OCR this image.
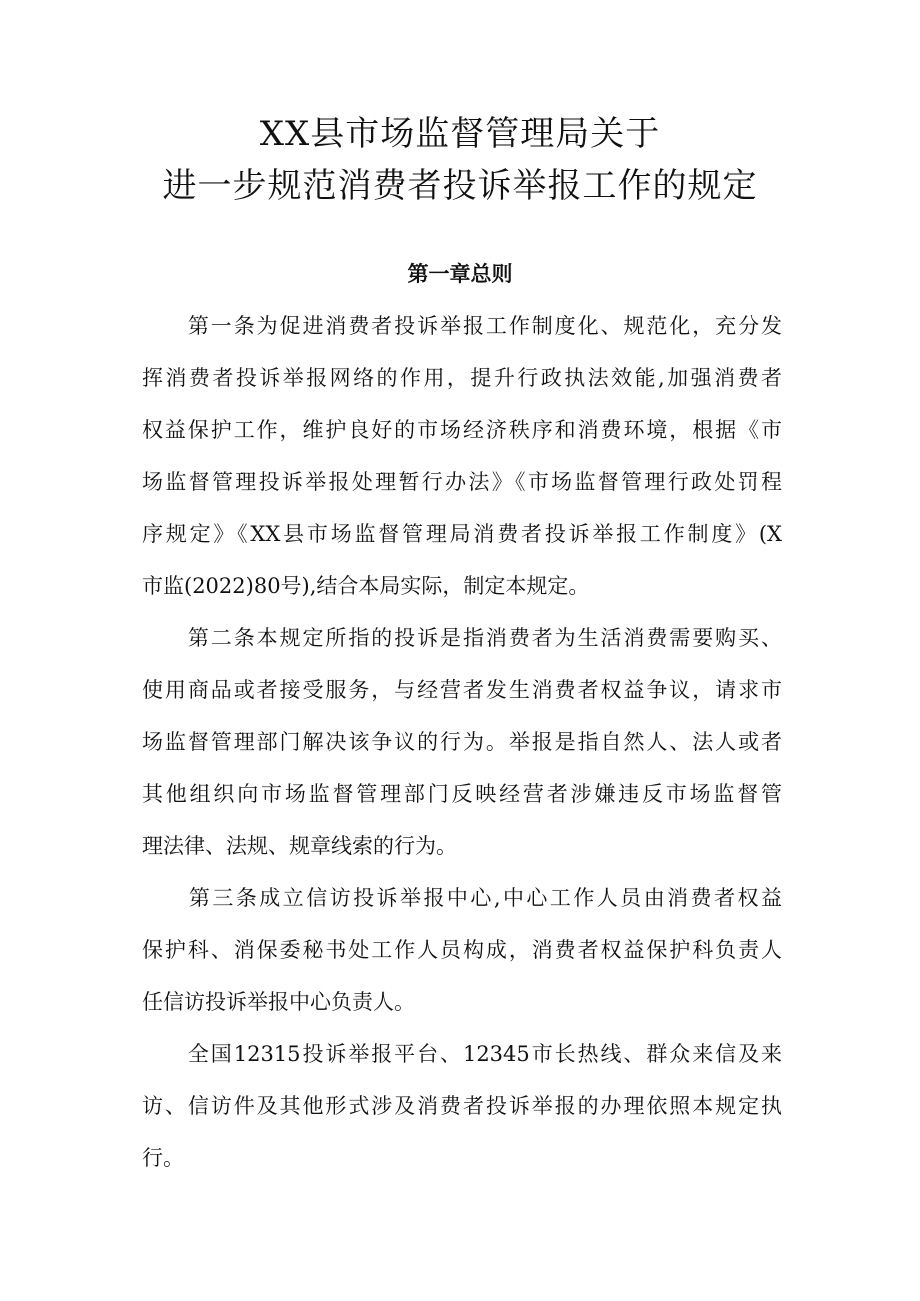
XX县市场监督管理局关于
进一步规范消费者投诉举报工作的规定
第一章总则

　　第一条为促进消费者投诉举报工作制度化、规范化，充分发

挥消费者投诉举报网络的作用，提升行政执法效能,加强消费者

权益保护工作，维护良好的市场经济秩序和消费环境，根据《市

场监督管理投诉举报处理暂行办法》《市场监督管理行政处罚程

序规定》《XX县市场监督管理局消费者投诉举报工作制度》(X

市监(2022)80号),结合本局实际，制定本规定。

　　第二条本规定所指的投诉是指消费者为生活消费需要购买、

使用商品或者接受服务，与经营者发生消费者权益争议，请求市

场监督管理部门解决该争议的行为。举报是指自然人、法人或者

其他组织向市场监督管理部门反映经营者涉嫌违反市场监督管

理法律、法规、规章线索的行为。

　　第三条成立信访投诉举报中心,中心工作人员由消费者权益

保护科、消保委秘书处工作人员构成，消费者权益保护科负责人

任信访投诉举报中心负责人。

　　全国12315投诉举报平台、12345市长热线、群众来信及来

访、信访件及其他形式涉及消费者投诉举报的办理依照本规定执

行。
